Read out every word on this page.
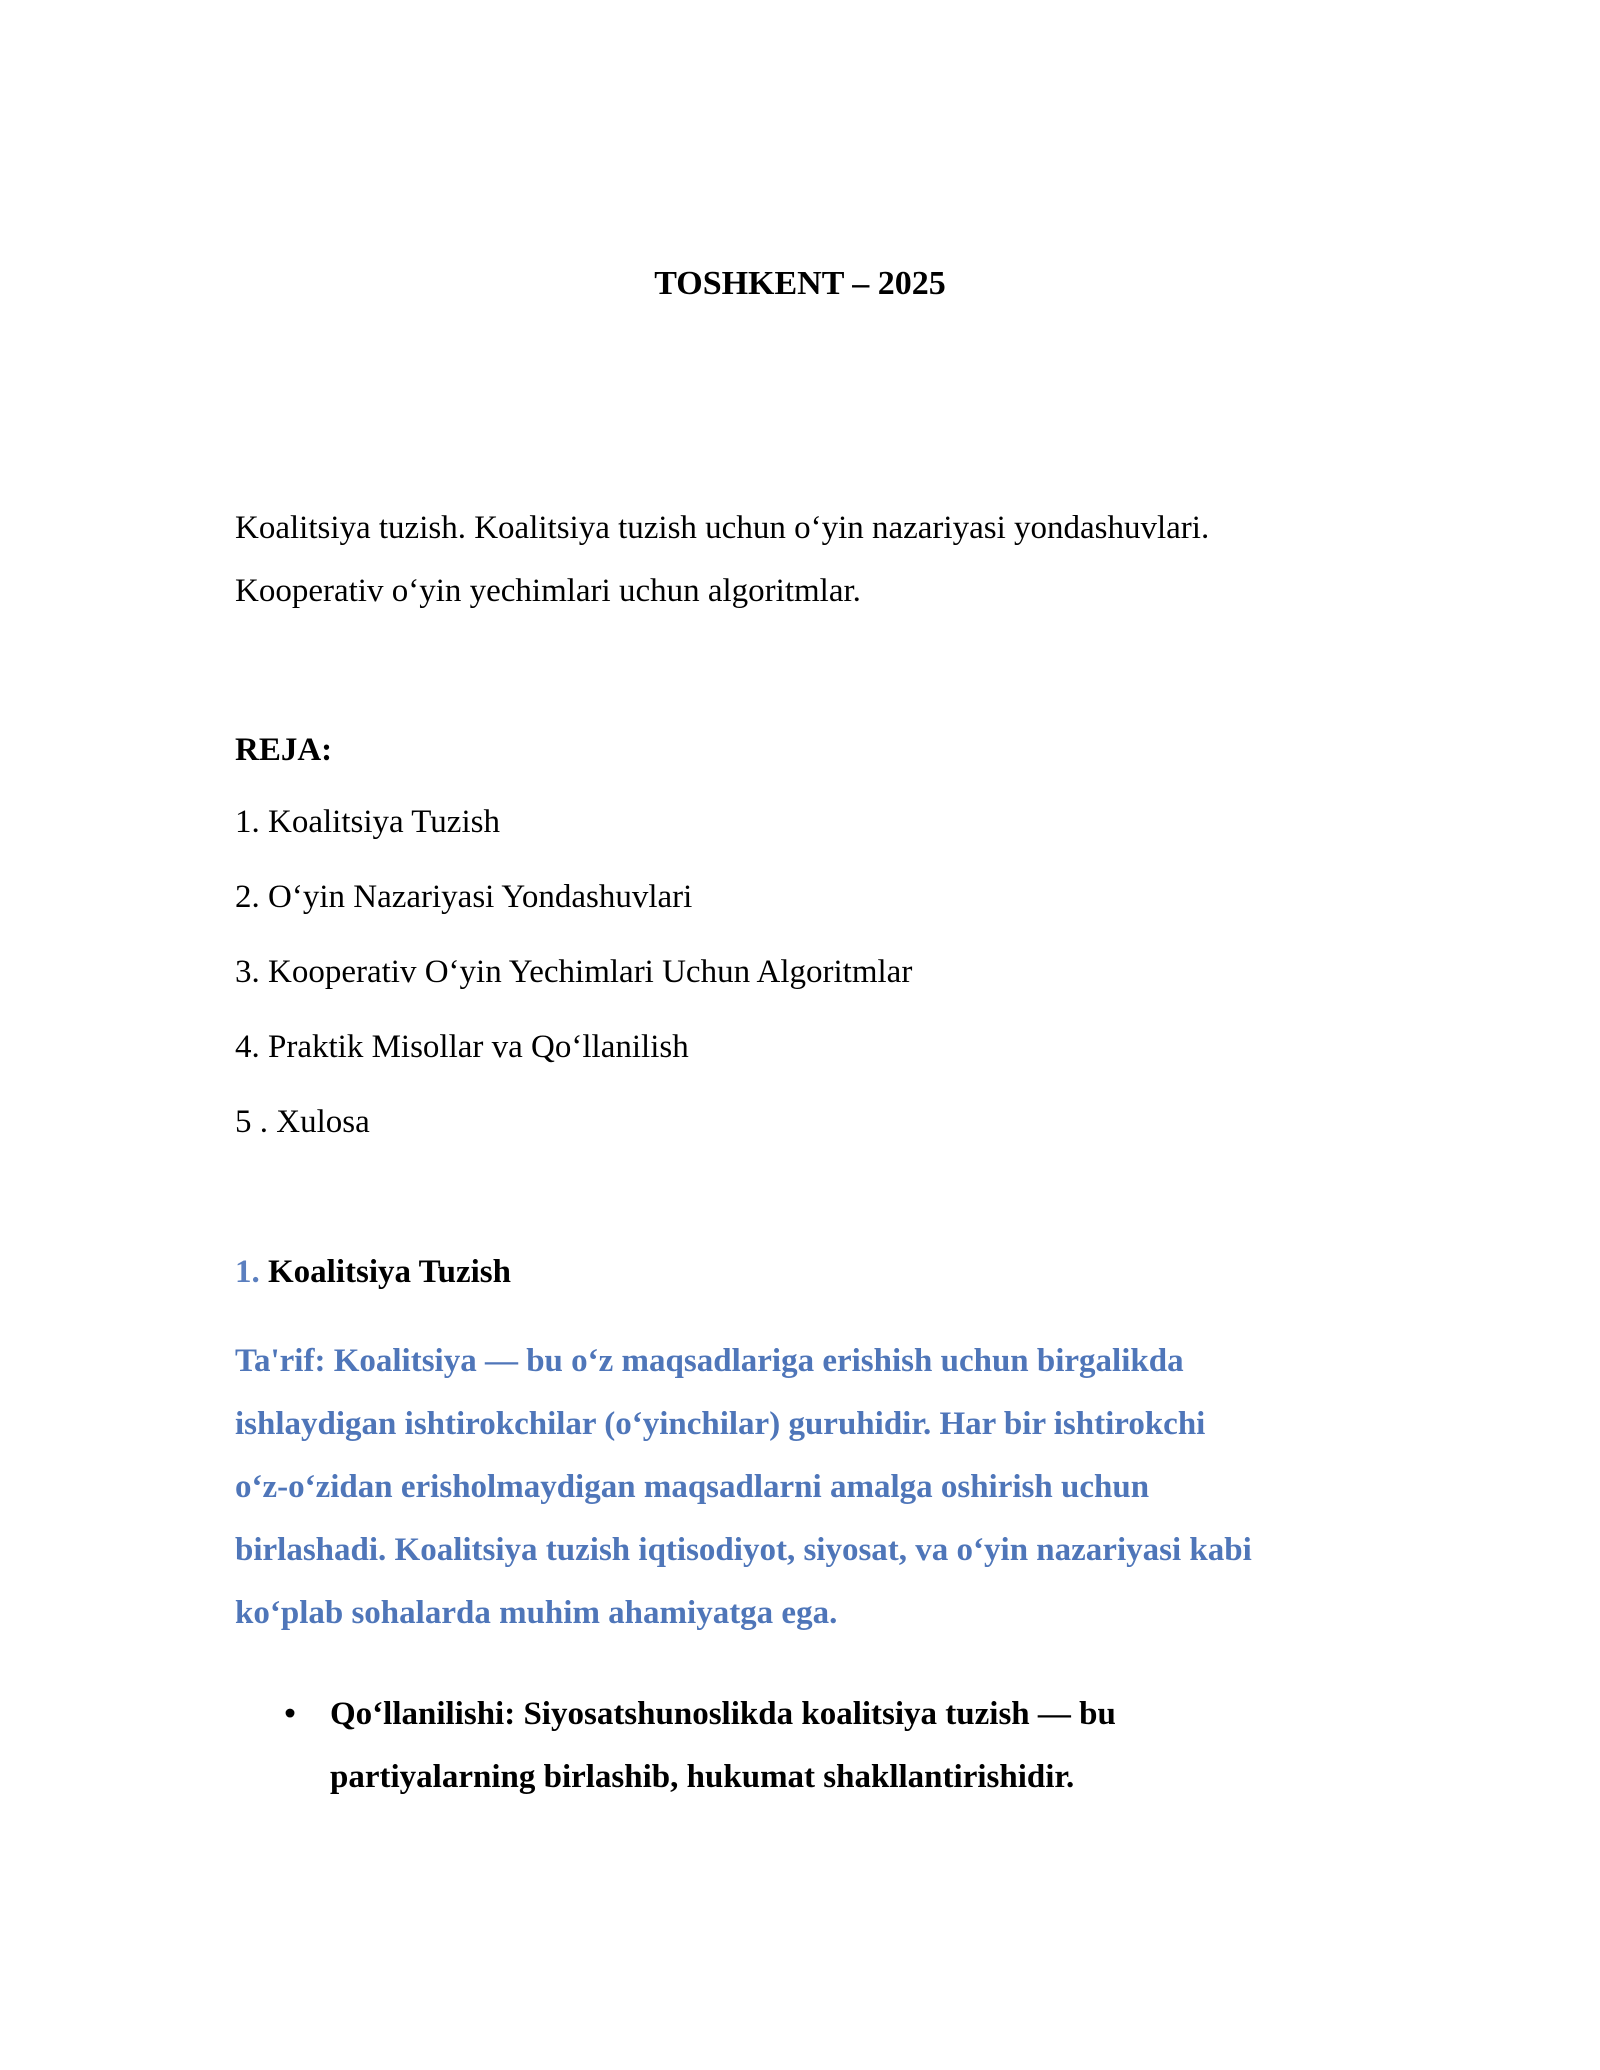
TOSHKENT – 2025

Koalitsiya tuzish. Koalitsiya tuzish uchun o‘yin nazariyasi yondashuvlari.

Kooperativ o‘yin yechimlari uchun algoritmlar.

REJA:
1. Koalitsiya Tuzish
2. O‘yin Nazariyasi Yondashuvlari
3. Kooperativ O‘yin Yechimlari Uchun Algoritmlar
4. Praktik Misollar va Qo‘llanilish
5 . Xulosa
1. Koalitsiya Tuzish

Ta'rif: Koalitsiya — bu o‘z maqsadlariga erishish uchun birgalikda

ishlaydigan ishtirokchilar (o‘yinchilar) guruhidir. Har bir ishtirokchi

o‘z-o‘zidan erisholmaydigan maqsadlarni amalga oshirish uchun

birlashadi. Koalitsiya tuzish iqtisodiyot, siyosat, va o‘yin nazariyasi kabi

ko‘plab sohalarda muhim ahamiyatga ega.

• Qo‘llanilishi: Siyosatshunoslikda koalitsiya tuzish — bu
partiyalarning birlashib, hukumat shakllantirishidir.
